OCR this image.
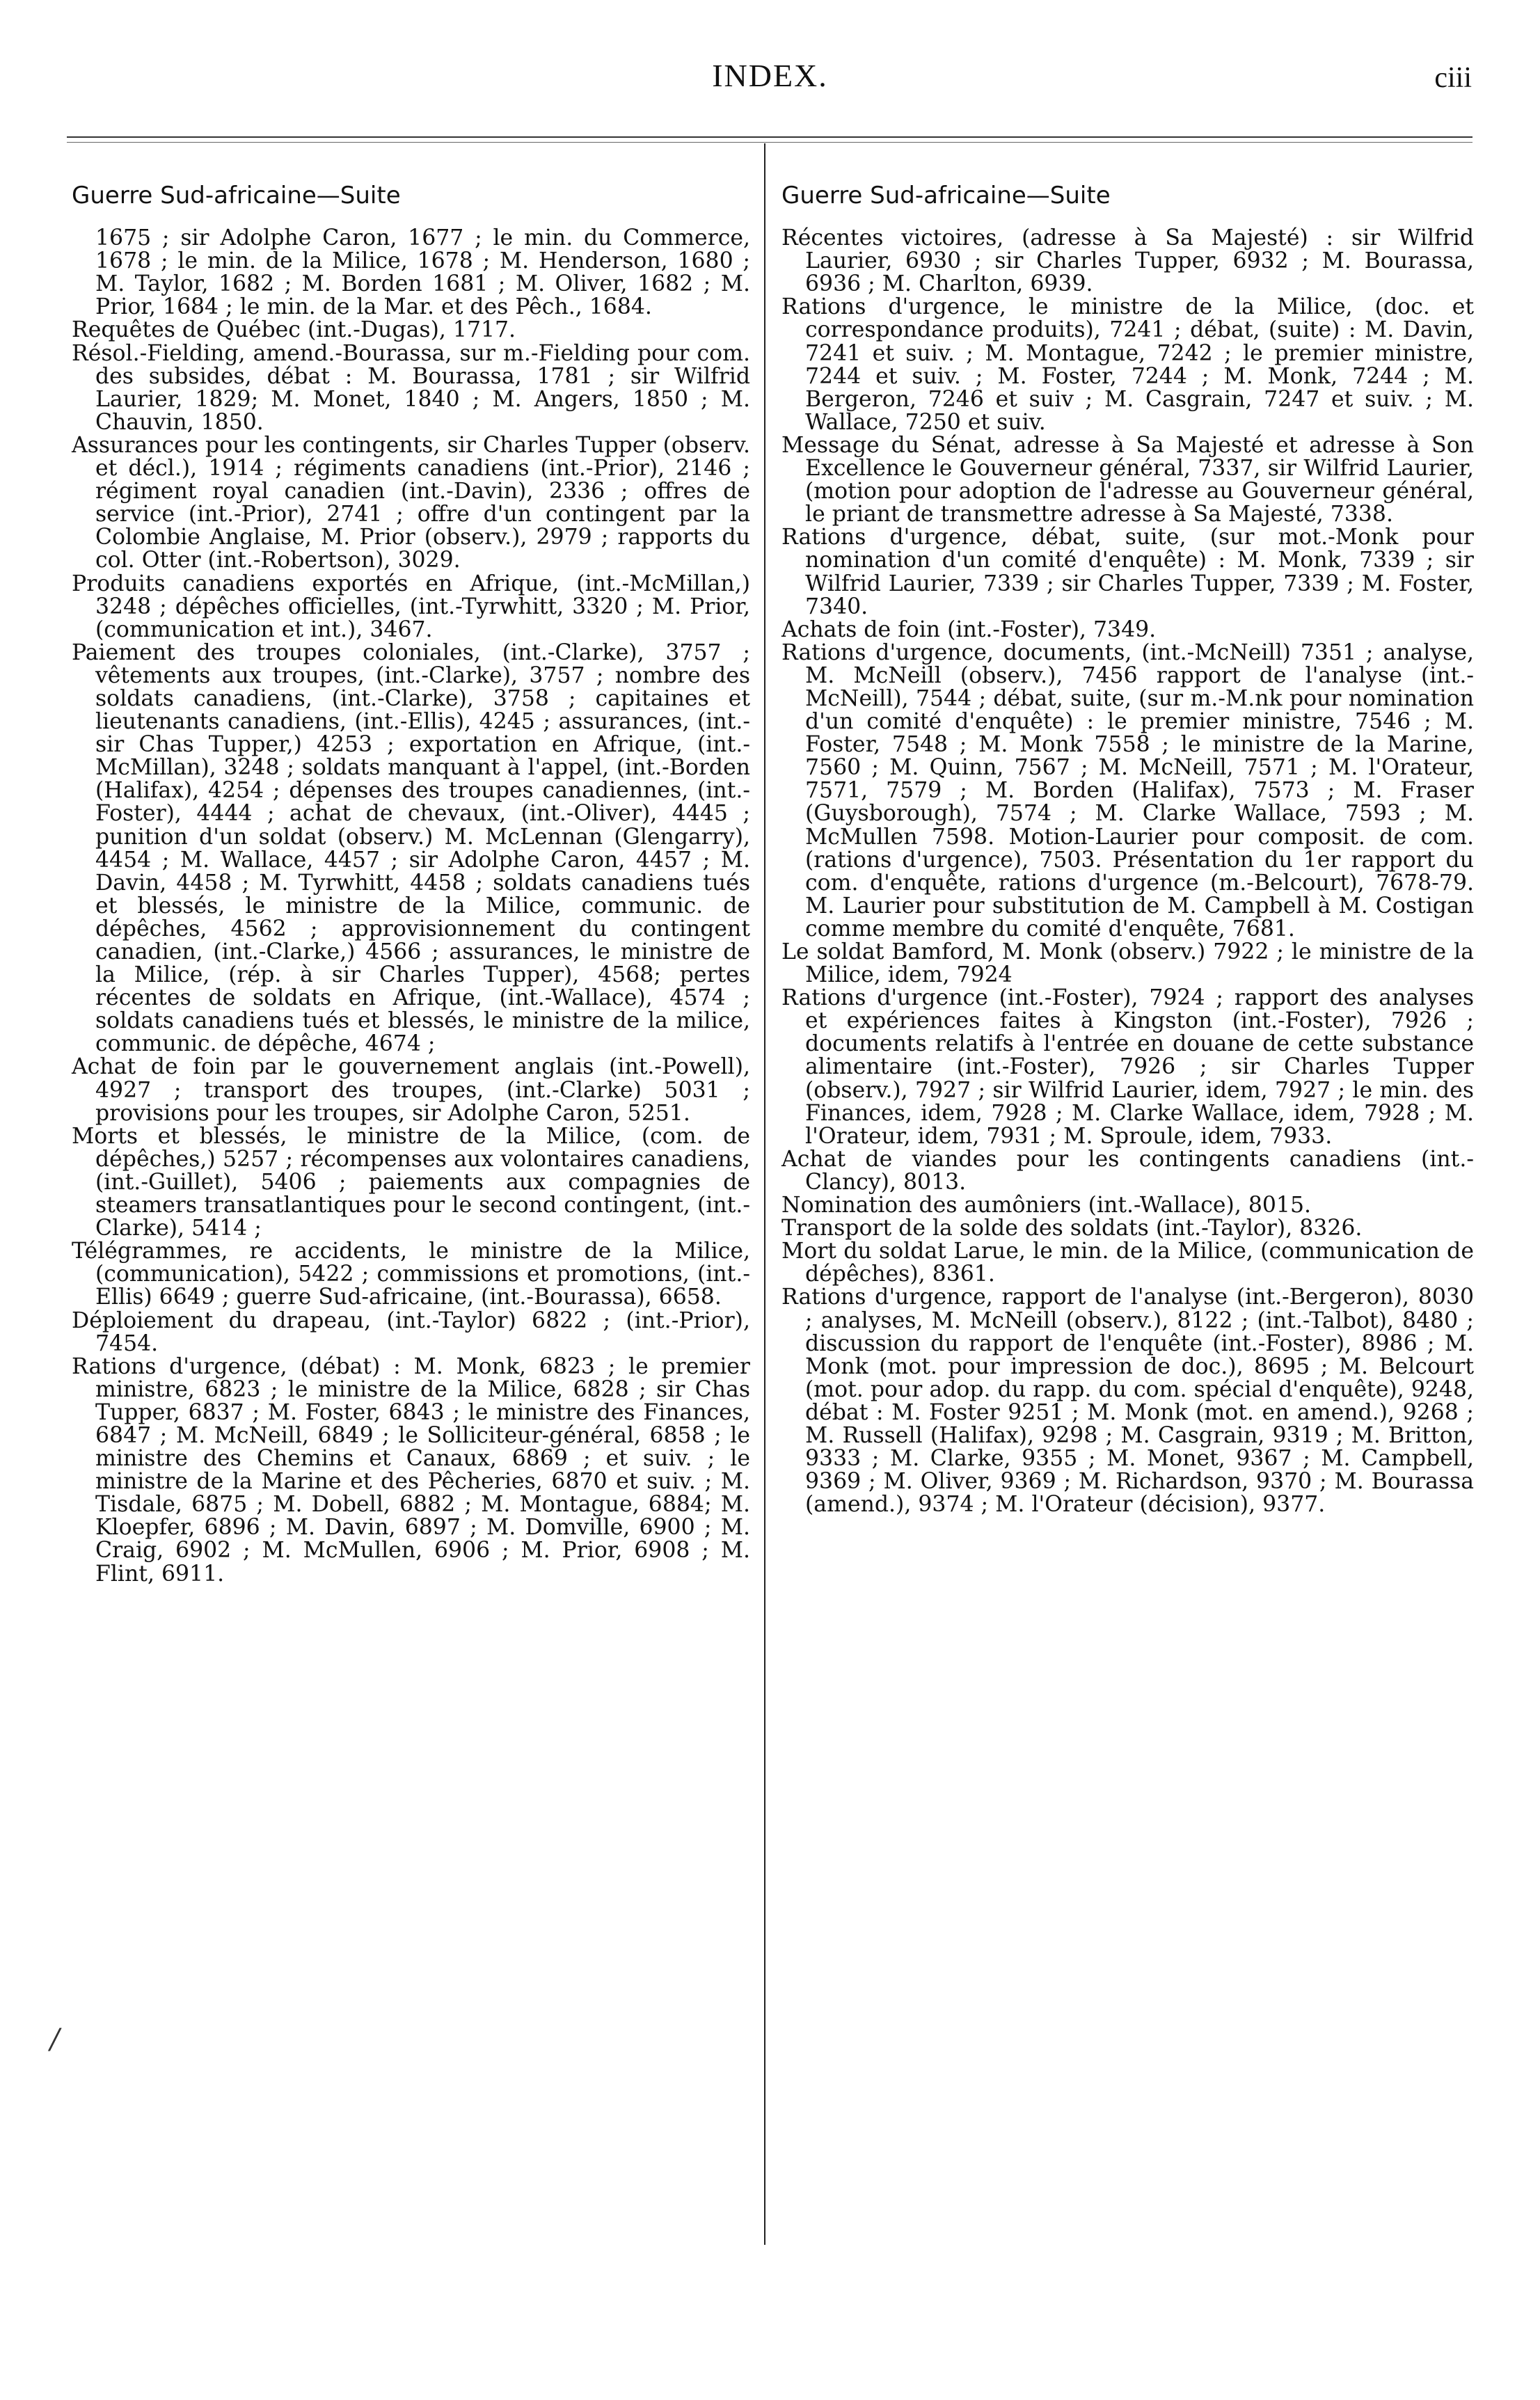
INDEX.	ciii
Guerre Sud-africaine—Suite

1675 ; sir Adolphe Caron, 1677 ; le min. du Commerce, 1678 ; le min. de la Milice, 1678 ; M. Henderson, 1680 ; M. Taylor, 1682 ; M. Borden 1681 ; M. Oliver, 1682 ; M. Prior, 1684 ; le min. de la Mar. et des Pêch., 1684.

Requêtes de Québec (int.-Dugas), 1717.

Résol.-Fielding, amend.-Bourassa, sur m.-Fielding pour com. des subsides, débat : M. Bourassa, 1781 ; sir Wilfrid Laurier, 1829; M. Monet, 1840 ; M. Angers, 1850 ; M. Chauvin, 1850.

Assurances pour les contingents, sir Charles Tupper (observ. et décl.), 1914 ; régiments canadiens (int.-Prior), 2146 ; régiment royal canadien (int.-Davin), 2336 ; offres de service (int.-Prior), 2741 ; offre d'un contingent par la Colombie Anglaise, M. Prior (observ.), 2979 ; rapports du col. Otter (int.-Robertson), 3029.

Produits canadiens exportés en Afrique, (int.-McMillan,) 3248 ; dépêches officielles, (int.-Tyrwhitt, 3320 ; M. Prior, (communication et int.), 3467.

Paiement des troupes coloniales, (int.-Clarke), 3757 ; vêtements aux troupes, (int.-Clarke), 3757 ; nombre des soldats canadiens, (int.-Clarke), 3758 ; capitaines et lieutenants canadiens, (int.-Ellis), 4245 ; assurances, (int.-sir Chas Tupper,) 4253 ; exportation en Afrique, (int.-McMillan), 3248 ; soldats manquant à l'appel, (int.-Borden (Halifax), 4254 ; dépenses des troupes canadiennes, (int.-Foster), 4444 ; achat de chevaux, (int.-Oliver), 4445 ; punition d'un soldat (observ.) M. McLennan (Glengarry), 4454 ; M. Wallace, 4457 ; sir Adolphe Caron, 4457 ; M. Davin, 4458 ; M. Tyrwhitt, 4458 ; soldats canadiens tués et blessés, le ministre de la Milice, communic. de dépêches, 4562 ; approvisionnement du contingent canadien, (int.-Clarke,) 4566 ; assurances, le ministre de la Milice, (rép. à sir Charles Tupper), 4568; pertes récentes de soldats en Afrique, (int.-Wallace), 4574 ; soldats canadiens tués et blessés, le ministre de la milice, communic. de dépêche, 4674 ;

Achat de foin par le gouvernement anglais (int.-Powell), 4927 ; transport des troupes, (int.-Clarke) 5031 ; provisions pour les troupes, sir Adolphe Caron, 5251.

Morts et blessés, le ministre de la Milice, (com. de dépêches,) 5257 ; récompenses aux volontaires canadiens, (int.-Guillet), 5406 ; paiements aux compagnies de steamers transatlantiques pour le second contingent, (int.-Clarke), 5414 ;

Télégrammes, re accidents, le ministre de la Milice, (communication), 5422 ; commissions et promotions, (int.-Ellis) 6649 ; guerre Sud-africaine, (int.-Bourassa), 6658.

Déploiement du drapeau, (int.-Taylor) 6822 ; (int.-Prior), 7454.

Rations d'urgence, (débat) : M. Monk, 6823 ; le premier ministre, 6823 ; le ministre de la Milice, 6828 ; sir Chas Tupper, 6837 ; M. Foster, 6843 ; le ministre des Finances, 6847 ; M. McNeill, 6849 ; le Solliciteur-général, 6858 ; le ministre des Chemins et Canaux, 6869 ; et suiv. ; le ministre de la Marine et des Pêcheries, 6870 et suiv. ; M. Tisdale, 6875 ; M. Dobell, 6882 ; M. Montague, 6884; M. Kloepfer, 6896 ; M. Davin, 6897 ; M. Domville, 6900 ; M. Craig, 6902 ; M. McMullen, 6906 ; M. Prior, 6908 ; M. Flint, 6911.

Guerre Sud-africaine—Suite

Récentes victoires, (adresse à Sa Majesté) : sir Wilfrid Laurier, 6930 ; sir Charles Tupper, 6932 ; M. Bourassa, 6936 ; M. Charlton, 6939.

Rations d'urgence, le ministre de la Milice, (doc. et correspondance produits), 7241 ; débat, (suite) : M. Davin, 7241 et suiv. ; M. Montague, 7242 ; le premier ministre, 7244 et suiv. ; M. Foster, 7244 ; M. Monk, 7244 ; M. Bergeron, 7246 et suiv ; M. Casgrain, 7247 et suiv. ; M. Wallace, 7250 et suiv.

Message du Sénat, adresse à Sa Majesté et adresse à Son Excellence le Gouverneur général, 7337, sir Wilfrid Laurier, (motion pour adoption de l'adresse au Gouverneur général, le priant de transmettre adresse à Sa Majesté, 7338.

Rations d'urgence, débat, suite, (sur mot.-Monk pour nomination d'un comité d'enquête) : M. Monk, 7339 ; sir Wilfrid Laurier, 7339 ; sir Charles Tupper, 7339 ; M. Foster, 7340.

Achats de foin (int.-Foster), 7349.

Rations d'urgence, documents, (int.-McNeill) 7351 ; analyse, M. McNeill (observ.), 7456 rapport de l'analyse (int.-McNeill), 7544 ; débat, suite, (sur m.-M.nk pour nomination d'un comité d'enquête) : le premier ministre, 7546 ; M. Foster, 7548 ; M. Monk 7558 ; le ministre de la Marine, 7560 ; M. Quinn, 7567 ; M. McNeill, 7571 ; M. l'Orateur, 7571, 7579 ; M. Borden (Halifax), 7573 ; M. Fraser (Guysborough), 7574 ; M. Clarke Wallace, 7593 ; M. McMullen 7598. Motion-Laurier pour composit. de com. (rations d'urgence), 7503. Présentation du 1er rapport du com. d'enquête, rations d'urgence (m.-Belcourt), 7678-79. M. Laurier pour substitution de M. Campbell à M. Costigan comme membre du comité d'enquête, 7681.

Le soldat Bamford, M. Monk (observ.) 7922 ; le ministre de la Milice, idem, 7924

Rations d'urgence (int.-Foster), 7924 ; rapport des analyses et expériences faites à Kingston (int.-Foster), 7926 ; documents relatifs à l'entrée en douane de cette substance alimentaire (int.-Foster), 7926 ; sir Charles Tupper (observ.), 7927 ; sir Wilfrid Laurier, idem, 7927 ; le min. des Finances, idem, 7928 ; M. Clarke Wallace, idem, 7928 ; M. l'Orateur, idem, 7931 ; M. Sproule, idem, 7933.

Achat de viandes pour les contingents canadiens (int.-Clancy), 8013.

Nomination des aumôniers (int.-Wallace), 8015.

Transport de la solde des soldats (int.-Taylor), 8326.

Mort du soldat Larue, le min. de la Milice, (communication de dépêches), 8361.

Rations d'urgence, rapport de l'analyse (int.-Bergeron), 8030 ; analyses, M. McNeill (observ.), 8122 ; (int.-Talbot), 8480 ; discussion du rapport de l'enquête (int.-Foster), 8986 ; M. Monk (mot. pour impression de doc.), 8695 ; M. Belcourt (mot. pour adop. du rapp. du com. spécial d'enquête), 9248, débat : M. Foster 9251 ; M. Monk (mot. en amend.), 9268 ; M. Russell (Halifax), 9298 ; M. Casgrain, 9319 ; M. Britton, 9333 ; M. Clarke, 9355 ; M. Monet, 9367 ; M. Campbell, 9369 ; M. Oliver, 9369 ; M. Richardson, 9370 ; M. Bourassa (amend.), 9374 ; M. l'Orateur (décision), 9377.

/
